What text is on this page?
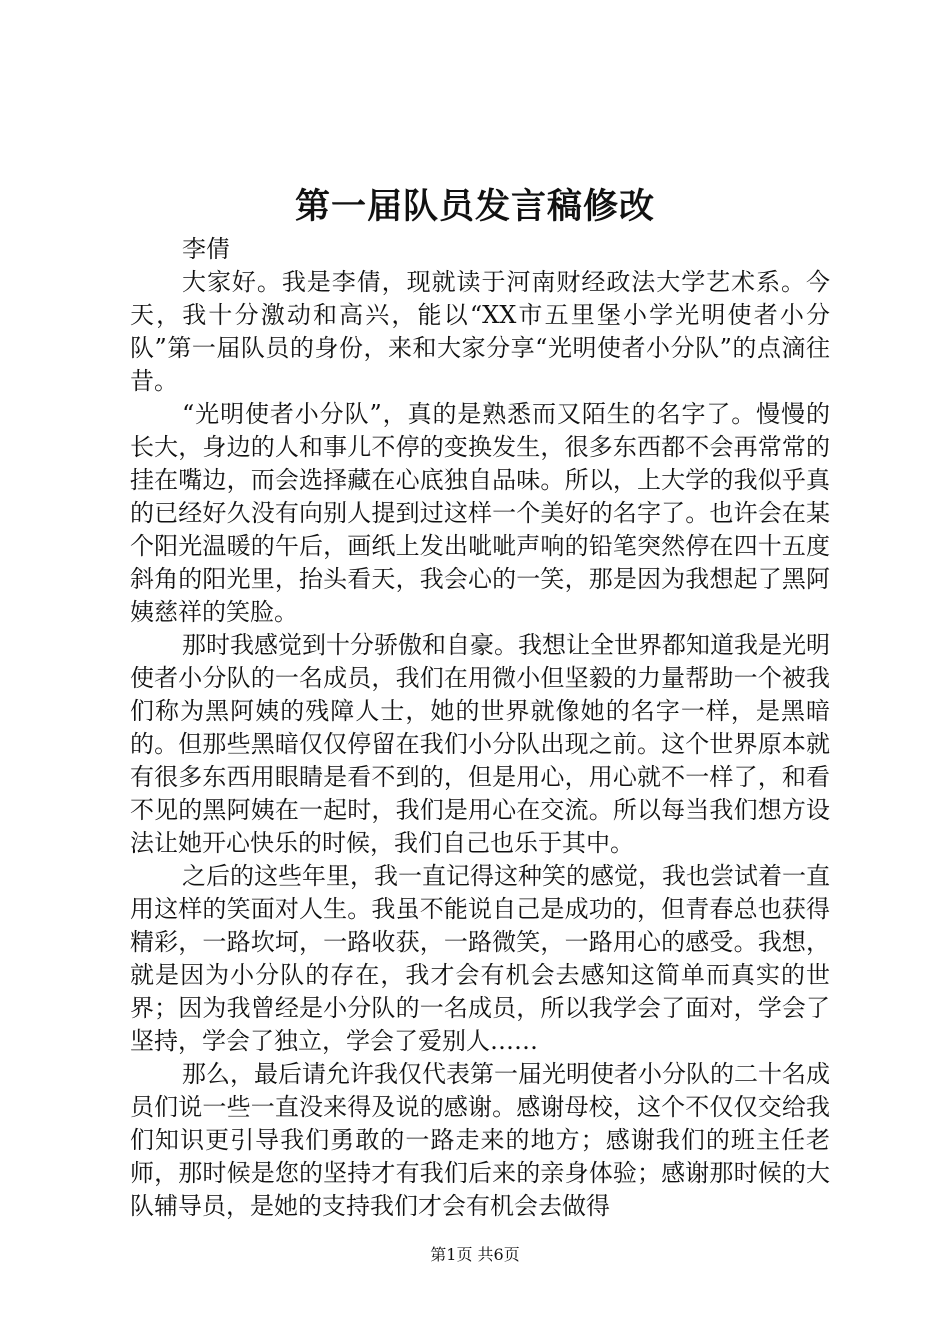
第一届队员发言稿修改

李倩

大家好。我是李倩，现就读于河南财经政法大学艺术系。今天，我十分激动和高兴，能以“XX市五里堡小学光明使者小分队”第一届队员的身份，来和大家分享“光明使者小分队”的点滴往昔。

“光明使者小分队”，真的是熟悉而又陌生的名字了。慢慢的长大，身边的人和事儿不停的变换发生，很多东西都不会再常常的挂在嘴边，而会选择藏在心底独自品味。所以，上大学的我似乎真的已经好久没有向别人提到过这样一个美好的名字了。也许会在某个阳光温暖的午后，画纸上发出呲呲声响的铅笔突然停在四十五度斜角的阳光里，抬头看天，我会心的一笑，那是因为我想起了黑阿姨慈祥的笑脸。

那时我感觉到十分骄傲和自豪。我想让全世界都知道我是光明使者小分队的一名成员，我们在用微小但坚毅的力量帮助一个被我们称为黑阿姨的残障人士，她的世界就像她的名字一样，是黑暗的。但那些黑暗仅仅停留在我们小分队出现之前。这个世界原本就有很多东西用眼睛是看不到的，但是用心，用心就不一样了，和看不见的黑阿姨在一起时，我们是用心在交流。所以每当我们想方设法让她开心快乐的时候，我们自己也乐于其中。

之后的这些年里，我一直记得这种笑的感觉，我也尝试着一直用这样的笑面对人生。我虽不能说自己是成功的，但青春总也获得精彩，一路坎坷，一路收获，一路微笑，一路用心的感受。我想，就是因为小分队的存在，我才会有机会去感知这简单而真实的世界；因为我曾经是小分队的一名成员，所以我学会了面对，学会了坚持，学会了独立，学会了爱别人……

那么，最后请允许我仅代表第一届光明使者小分队的二十名成员们说一些一直没来得及说的感谢。感谢母校，这个不仅仅交给我们知识更引导我们勇敢的一路走来的地方；感谢我们的班主任老师，那时候是您的坚持才有我们后来的亲身体验；感谢那时候的大队辅导员，是她的支持我们才会有机会去做得

第1页 共6页
